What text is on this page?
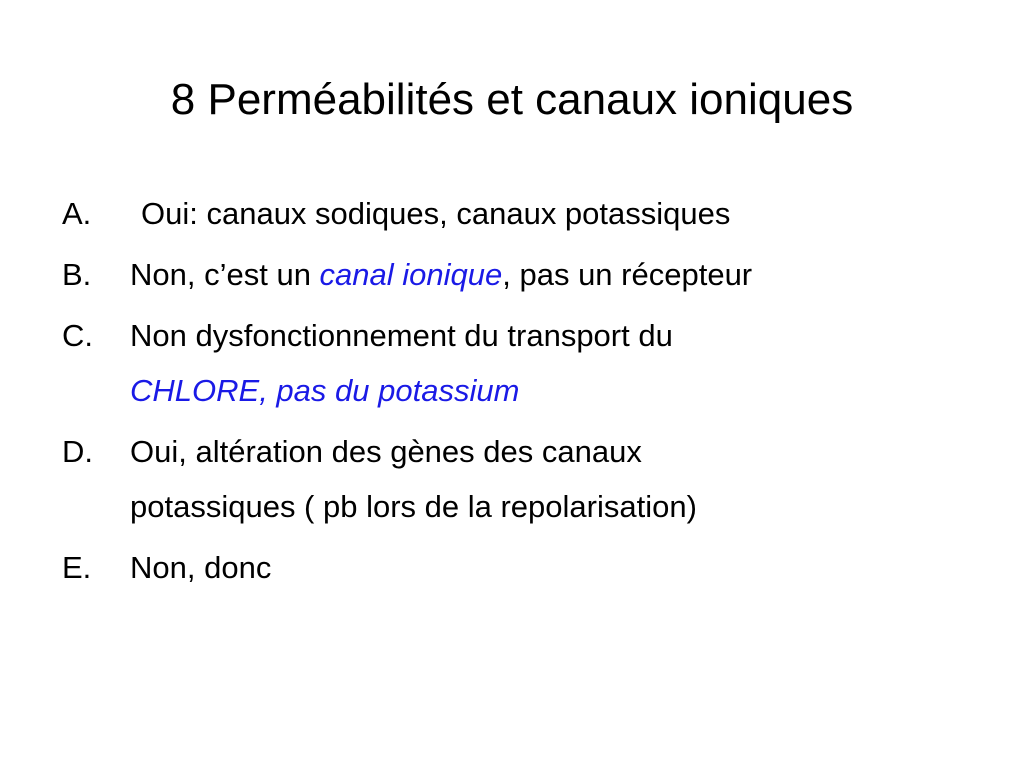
8 Perméabilités et canaux ioniques
A. Oui: canaux sodiques, canaux potassiques
B. Non, c’est un canal ionique, pas un récepteur
C. Non dysfonctionnement du transport du
CHLORE, pas du potassium
D. Oui, altération des gènes des canaux
potassiques ( pb lors de la repolarisation)
E. Non, donc
